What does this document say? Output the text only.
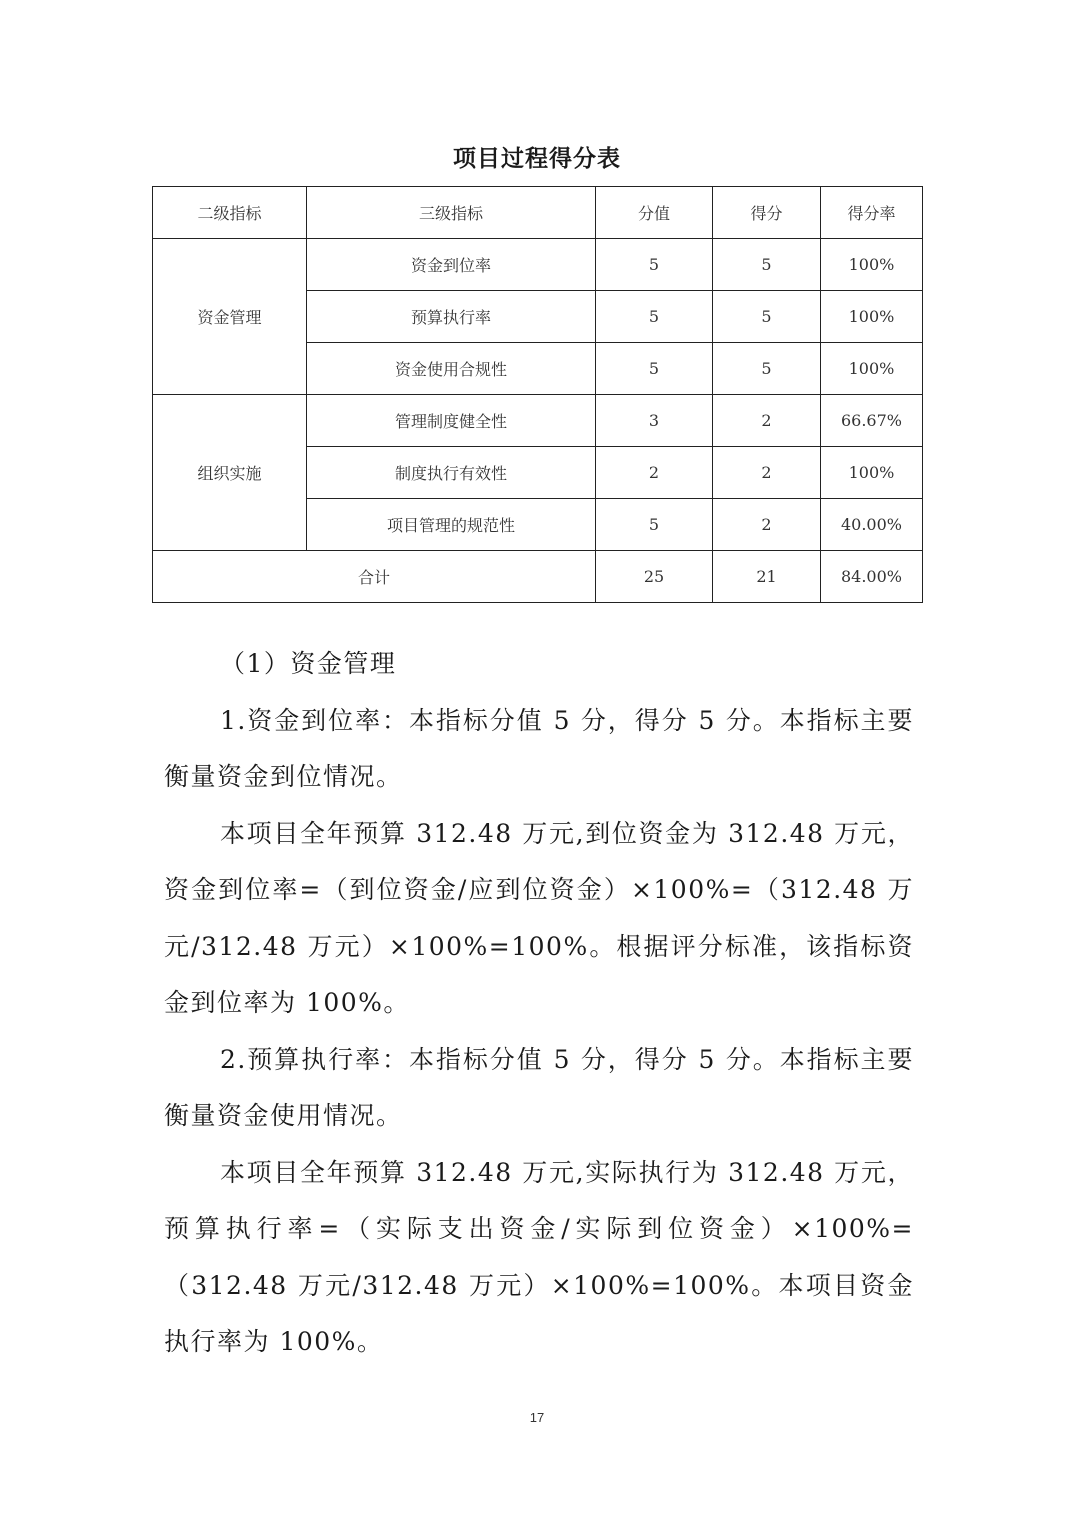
项目过程得分表
二级指标	三级指标	分值	得分	得分率
资金管理	资金到位率	5	5	100%
	预算执行率	5	5	100%
	资金使用合规性	5	5	100%
组织实施	管理制度健全性	3	2	66.67%
	制度执行有效性	2	2	100%
	项目管理的规范性	5	2	40.00%
合计		25	21	84.00%

（1）资金管理

1.资金到位率：本指标分值 5 分，得分 5 分。本指标主要衡量资金到位情况。

本项目全年预算 312.48 万元,到位资金为 312.48 万元，资金到位率=（到位资金/应到位资金）×100%=（312.48 万元/312.48 万元）×100%=100%。根据评分标准，该指标资金到位率为 100%。

2.预算执行率：本指标分值 5 分，得分 5 分。本指标主要衡量资金使用情况。

本项目全年预算 312.48 万元,实际执行为 312.48 万元，预算执行率=（实际支出资金/实际到位资金）×100%=（312.48 万元/312.48 万元）×100%=100%。本项目资金执行率为 100%。

17
